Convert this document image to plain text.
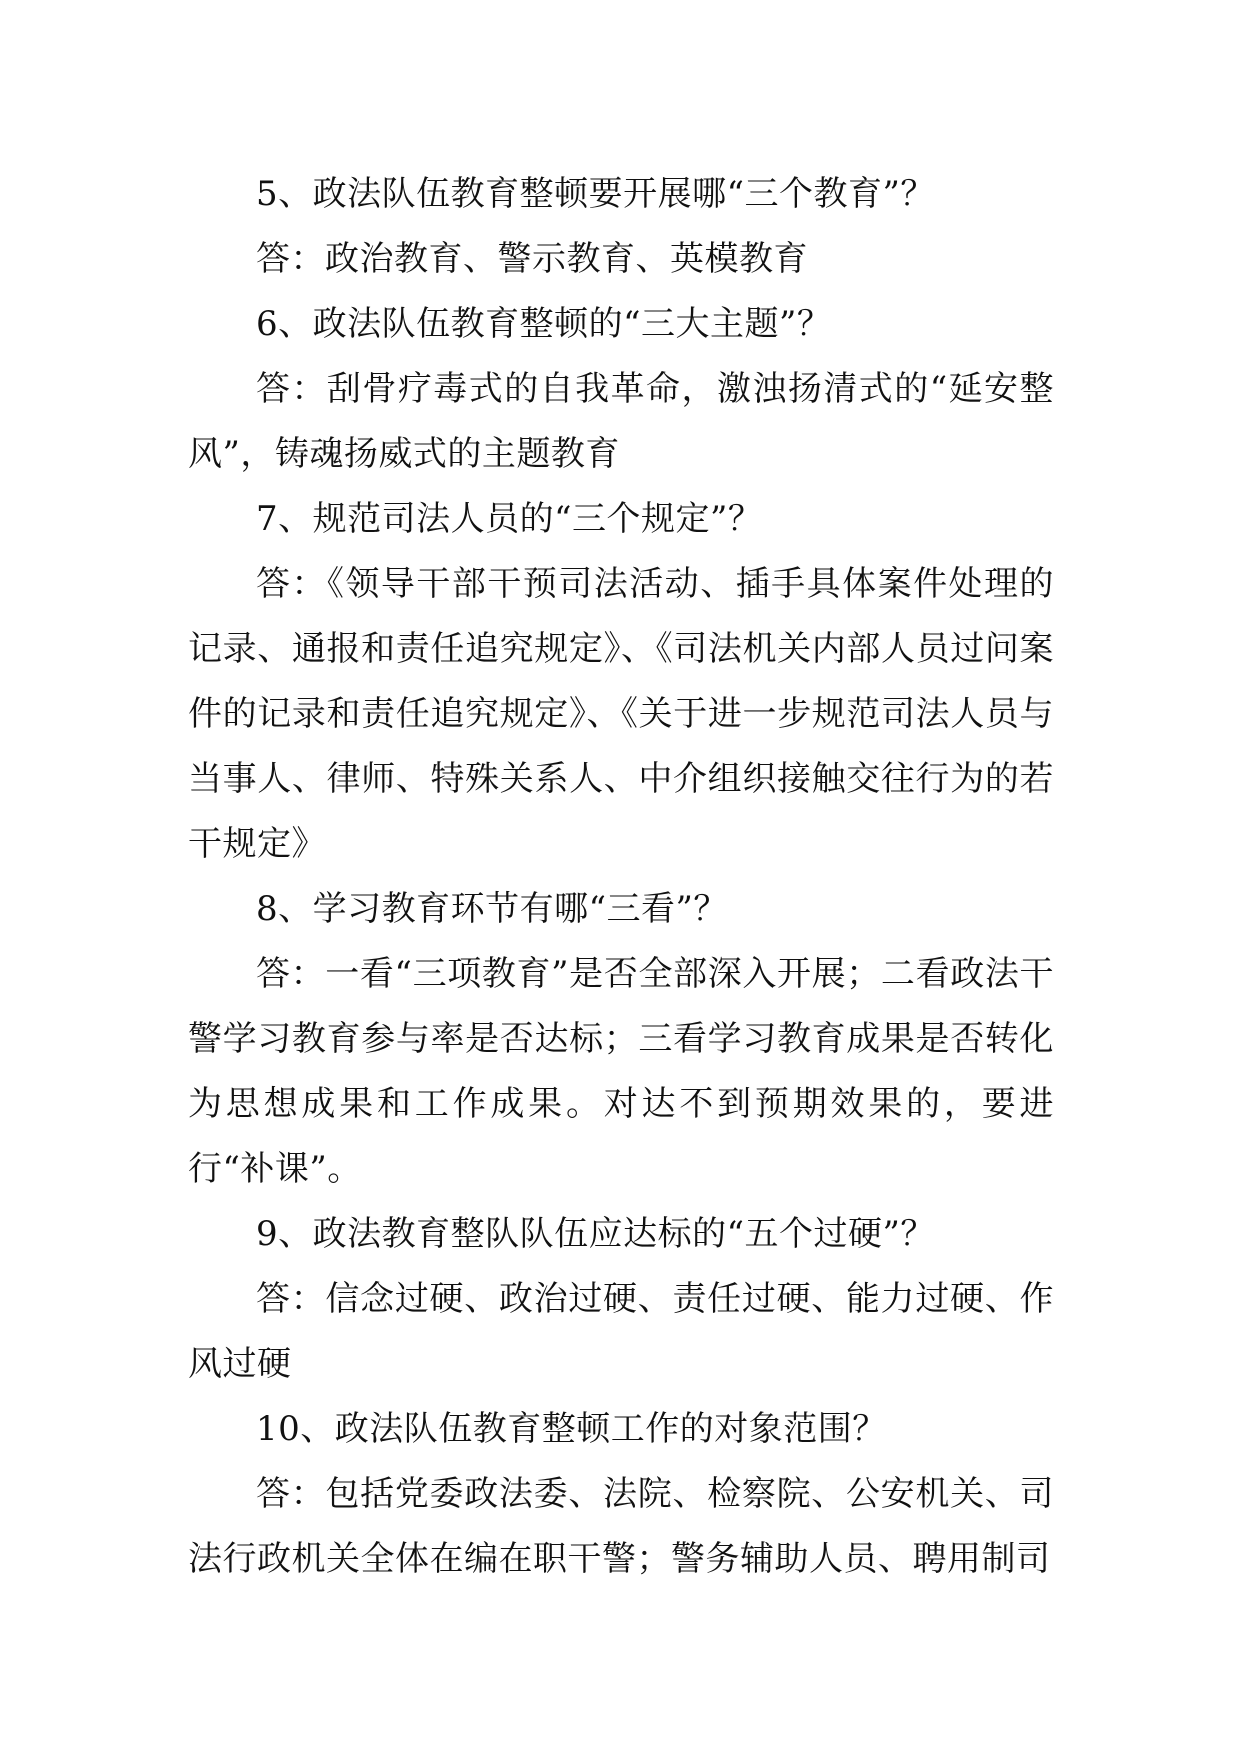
5、政法队伍教育整顿要开展哪“三个教育”？

答：政治教育、警示教育、英模教育

6、政法队伍教育整顿的“三大主题”？

答：刮骨疗毒式的自我革命，激浊扬清式的“延安整风”，铸魂扬威式的主题教育

7、规范司法人员的“三个规定”？

答：《领导干部干预司法活动、插手具体案件处理的记录、通报和责任追究规定》、《司法机关内部人员过问案件的记录和责任追究规定》、《关于进一步规范司法人员与当事人、律师、特殊关系人、中介组织接触交往行为的若干规定》

8、学习教育环节有哪“三看”？

答：一看“三项教育”是否全部深入开展；二看政法干警学习教育参与率是否达标；三看学习教育成果是否转化为思想成果和工作成果。对达不到预期效果的，要进行“补课”。

9、政法教育整队队伍应达标的“五个过硬”？

答：信念过硬、政治过硬、责任过硬、能力过硬、作风过硬

10、政法队伍教育整顿工作的对象范围？

答：包括党委政法委、法院、检察院、公安机关、司法行政机关全体在编在职干警；警务辅助人员、聘用制司
